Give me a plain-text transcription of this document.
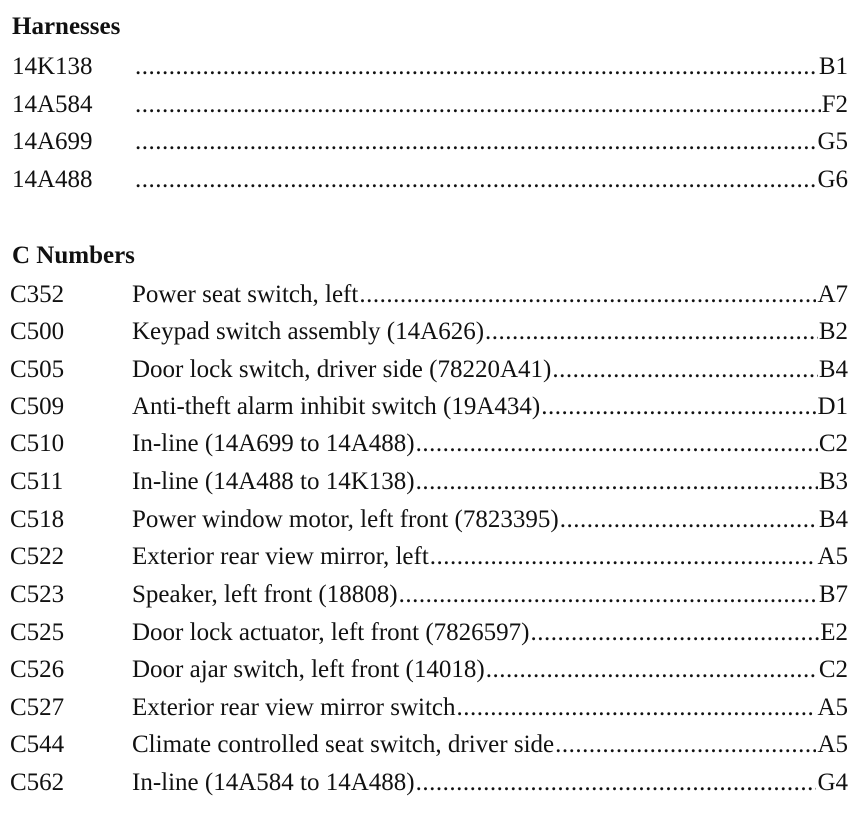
Harnesses
14K138 .....	B1
14A584 .....	F2
14A699 .....	G5
14A488 .....	G6
C Numbers
C352	Power seat switch, left .....	A7
C500	Keypad switch assembly (14A626) .....	B2
C505	Door lock switch, driver side (78220A41) .....	B4
C509	Anti-theft alarm inhibit switch (19A434) .....	D1
C510	In-line (14A699 to 14A488) .....	C2
C511	In-line (14A488 to 14K138) .....	B3
C518	Power window motor, left front (7823395) .....	B4
C522	Exterior rear view mirror, left .....	A5
C523	Speaker, left front (18808) .....	B7
C525	Door lock actuator, left front (7826597) .....	E2
C526	Door ajar switch, left front (14018) .....	C2
C527	Exterior rear view mirror switch .....	A5
C544	Climate controlled seat switch, driver side .....	A5
C562	In-line (14A584 to 14A488) .....	G4
